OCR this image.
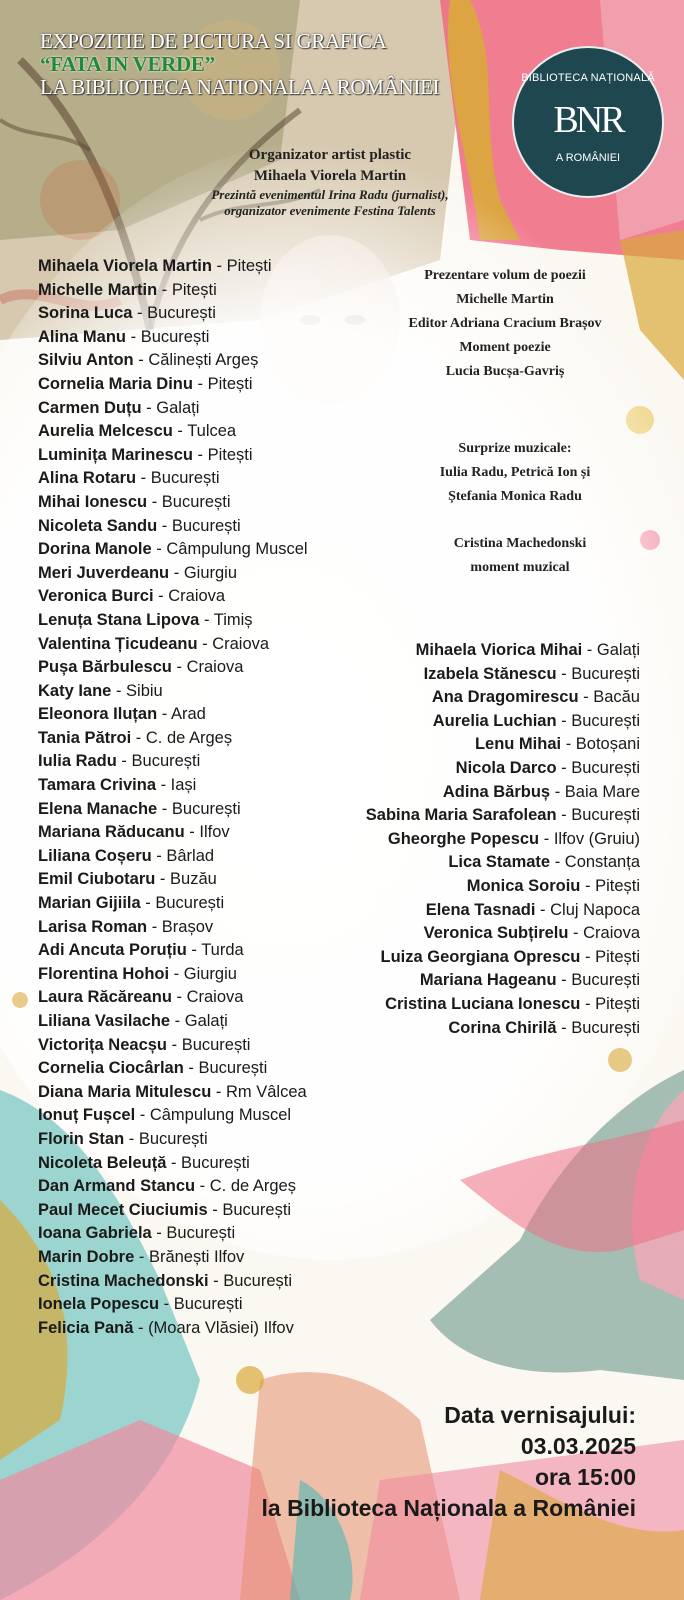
EXPOZITIE DE PICTURA SI GRAFICA
“FATA IN VERDE”
LA BIBLIOTECA NATIONALA A ROMÂNIEI	BIBLIOTECA NAȚIONALĂ
BNR
A ROMÂNIEI
Organizator artist plastic
Mihaela Viorela Martin
Prezintă evenimentul Irina Radu (jurnalist),
organizator evenimente Festina Talents
Prezentare volum de poezii
Michelle Martin
Editor Adriana Cracium Brașov
Moment poezie
Lucia Bucșa-Gavriș
Surprize muzicale:
Iulia Radu, Petrică Ion și
Ștefania Monica Radu
Cristina Machedonski
moment muzical
Mihaela Viorela Martin - Pitești
Michelle Martin - Pitești
Sorina Luca - București
Alina Manu - București
Silviu Anton - Călinești Argeș
Cornelia Maria Dinu - Pitești
Carmen Duțu - Galați
Aurelia Melcescu - Tulcea
Luminița Marinescu - Pitești
Alina Rotaru - București
Mihai Ionescu - București
Nicoleta Sandu - București
Dorina Manole - Câmpulung Muscel
Meri Juverdeanu - Giurgiu
Veronica Burci - Craiova
Lenuța Stana Lipova - Timiș
Valentina Țicudeanu - Craiova
Pușa Bărbulescu - Craiova
Katy Iane - Sibiu
Eleonora Iluțan - Arad
Tania Pătroi - C. de Argeș
Iulia Radu - București
Tamara Crivina - Iași
Elena Manache - București
Mariana Răducanu - Ilfov
Liliana Coșeru - Bârlad
Emil Ciubotaru - Buzău
Marian Gijiila - București
Larisa Roman - Brașov
Adi Ancuta Poruțiu - Turda
Florentina Hohoi - Giurgiu
Laura Răcăreanu - Craiova
Liliana Vasilache - Galați
Victorița Neacșu - București
Cornelia Ciocârlan - București
Diana Maria Mitulescu - Rm Vâlcea
Ionuț Fușcel - Câmpulung Muscel
Florin Stan - București
Nicoleta Beleuță - București
Dan Armand Stancu - C. de Argeș
Paul Mecet Ciuciumis - București
Ioana Gabriela - București
Marin Dobre - Brănești Ilfov
Cristina Machedonski - București
Ionela Popescu - București
Felicia Pană - (Moara Vlăsiei) Ilfov
Mihaela Viorica Mihai - Galați
Izabela Stănescu - București
Ana Dragomirescu - Bacău
Aurelia Luchian - București
Lenu Mihai - Botoșani
Nicola Darco - București
Adina Bărbuș - Baia Mare
Sabina Maria Sarafolean - București
Gheorghe Popescu - Ilfov (Gruiu)
Lica Stamate - Constanța
Monica Soroiu - Pitești
Elena Tasnadi - Cluj Napoca
Veronica Subțirelu - Craiova
Luiza Georgiana Oprescu - Pitești
Mariana Hageanu - București
Cristina Luciana Ionescu - Pitești
Corina Chirilă - București
Data vernisajului:
03.03.2025
ora 15:00
la Biblioteca Naționala a României
